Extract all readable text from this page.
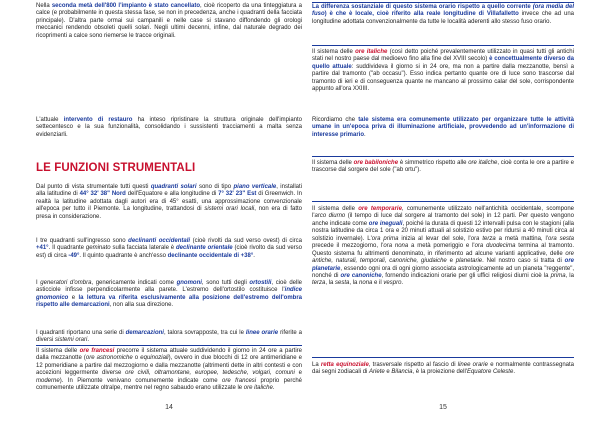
Nella seconda metà dell'800 l'impianto è stato cancellato, cioè ricoperto da una tinteggiatura a calce (e probabilmente in questa stessa fase, se non in precedenza, anche i quadranti della facciata principale). D'altra parte ormai sui campanili e nelle case si stavano diffondendo gli orologi meccanici rendendo obsoleti quelli solari. Negli ultimi decenni, infine, dal naturale degrado dei ricoprimenti a calce sono riemerse le tracce originali.
L'attuale intervento di restauro ha inteso ripristinare la struttura originale dell'impianto settecentesco e la sua funzionalità, consolidando i sussistenti tracciamenti a malta senza evidenziarli.
LE FUNZIONI STRUMENTALI
Dal punto di vista strumentale tutti questi quadranti solari sono di tipo piano verticale, installati alla latitudine di 44° 32' 38" Nord dell'Equatore e alla longitudine di 7° 32' 23" Est di Greenwich. In realtà la latitudine adottata dagli autori era di 45° esatti, una approssimazione convenzionale all'epoca per tutto il Piemonte. La longitudine, trattandosi di sistemi orari locali, non era di fatto presa in considerazione.
I tre quadranti sull'ingresso sono declinanti occidentali (cioè rivolti da sud verso ovest) di circa +41°. Il quadrante geminato sulla facciata laterale è declinante orientale (cioè rivolto da sud verso est) di circa -49°. Il quinto quadrante è anch'esso declinante occidentale di +38°.
I generatori d'ombra, genericamente indicati come gnomoni, sono tutti degli ortostili, cioè delle asticciole infisse perpendicolarmente alla parete. L'estremo dell'ortostilo costituisce l'indice gnomonico e la lettura va riferita esclusivamente alla posizione dell'estremo dell'ombra rispetto alle demarcazioni, non alla sua direzione.
I quadranti riportano una serie di demarcazioni, talora sovrapposte, tra cui le linee orarie riferite a diversi sistemi orari.
Il sistema delle ore francesi precorre il sistema attuale suddividendo il giorno in 24 ore a partire dalla mezzanotte (ore astronomiche o equinoziali), ovvero in due blocchi di 12 ore antimeridiane e 12 pomeridiane a partire dal mezzogiorno e dalla mezzanotte (altrimenti dette in altri contesti e con accezioni leggermente diverse ore civili, oltramontane, europee, tedesche, volgari, comuni e moderne). In Piemonte venivano comunemente indicate come ore francesi proprio perché comunemente utilizzate oltralpe, mentre nel regno sabaudo erano utilizzate le ore italiche.
14
La differenza sostanziale di questo sistema orario rispetto a quello corrente (ora media del fuso) è che è locale, cioè riferito alla reale longitudine di Villafalletto invece che ad una longitudine adottata convenzionalmente da tutte le località aderenti allo stesso fuso orario.
Il sistema delle ore italiche (così detto poiché prevalentemente utilizzato in quasi tutti gli antichi stati nel nostro paese dal medioevo fino alla fine del XVIII secolo) è concettualmente diverso da quello attuale: suddivideva il giorno si in 24 ore, ma non a partire dalla mezzanotte, bensì a partire dal tramonto ("ab occasu"). Esso indica pertanto quante ore di luce sono trascorse dal tramonto di ieri e di conseguenza quante ne mancano al prossimo calar del sole, corrispondente appunto all'ora XXIIII.
Ricordiamo che tale sistema era comunemente utilizzato per organizzare tutte le attività umane in un'epoca priva di illuminazione artificiale, provvedendo ad un'informazione di interesse primario.
Il sistema delle ore babiloniche è simmetrico rispetto alle ore italiche, cioè conta le ore a partire e trascorse dal sorgere del sole ("ab ortu").
Il sistema delle ore temporarie, comunemente utilizzato nell'antichità occidentale, scompone l'arco diurno (il tempo di luce dal sorgere al tramonto del sole) in 12 parti. Per questo vengono anche indicate come ore ineguali, poiché la durata di questi 12 intervalli pulsa con le stagioni (alla nostra latitudine da circa 1 ora e 20 minuti attuali al solstizio estivo per ridursi a 40 minuti circa al solstizio invernale). L'ora prima inizia al levar del sole, l'ora terza a metà mattina, l'ora sesta precede il mezzogiorno, l'ora nona a metà pomeriggio e l'ora duodecima termina al tramonto. Questo sistema fu altrimenti denominato, in riferimento ad alcune varianti applicative, delle ore antiche, naturali, temporali, canoniche, giudaiche e planetarie. Nel nostro caso si tratta di ore planetarie, essendo ogni ora di ogni giorno associata astrologicamente ad un pianeta "reggente", nonché di ore canoniche, fornendo indicazioni orarie per gli uffici religiosi diurni cioè la prima, la terza, la sesta, la nona e il vespro.
La retta equinoziale, trasversale rispetto al fascio di linee orarie e normalmente contrassegnata dai segni zodiacali di Ariete e Bilancia, è la proiezione dell'Equatore Celeste.
15
